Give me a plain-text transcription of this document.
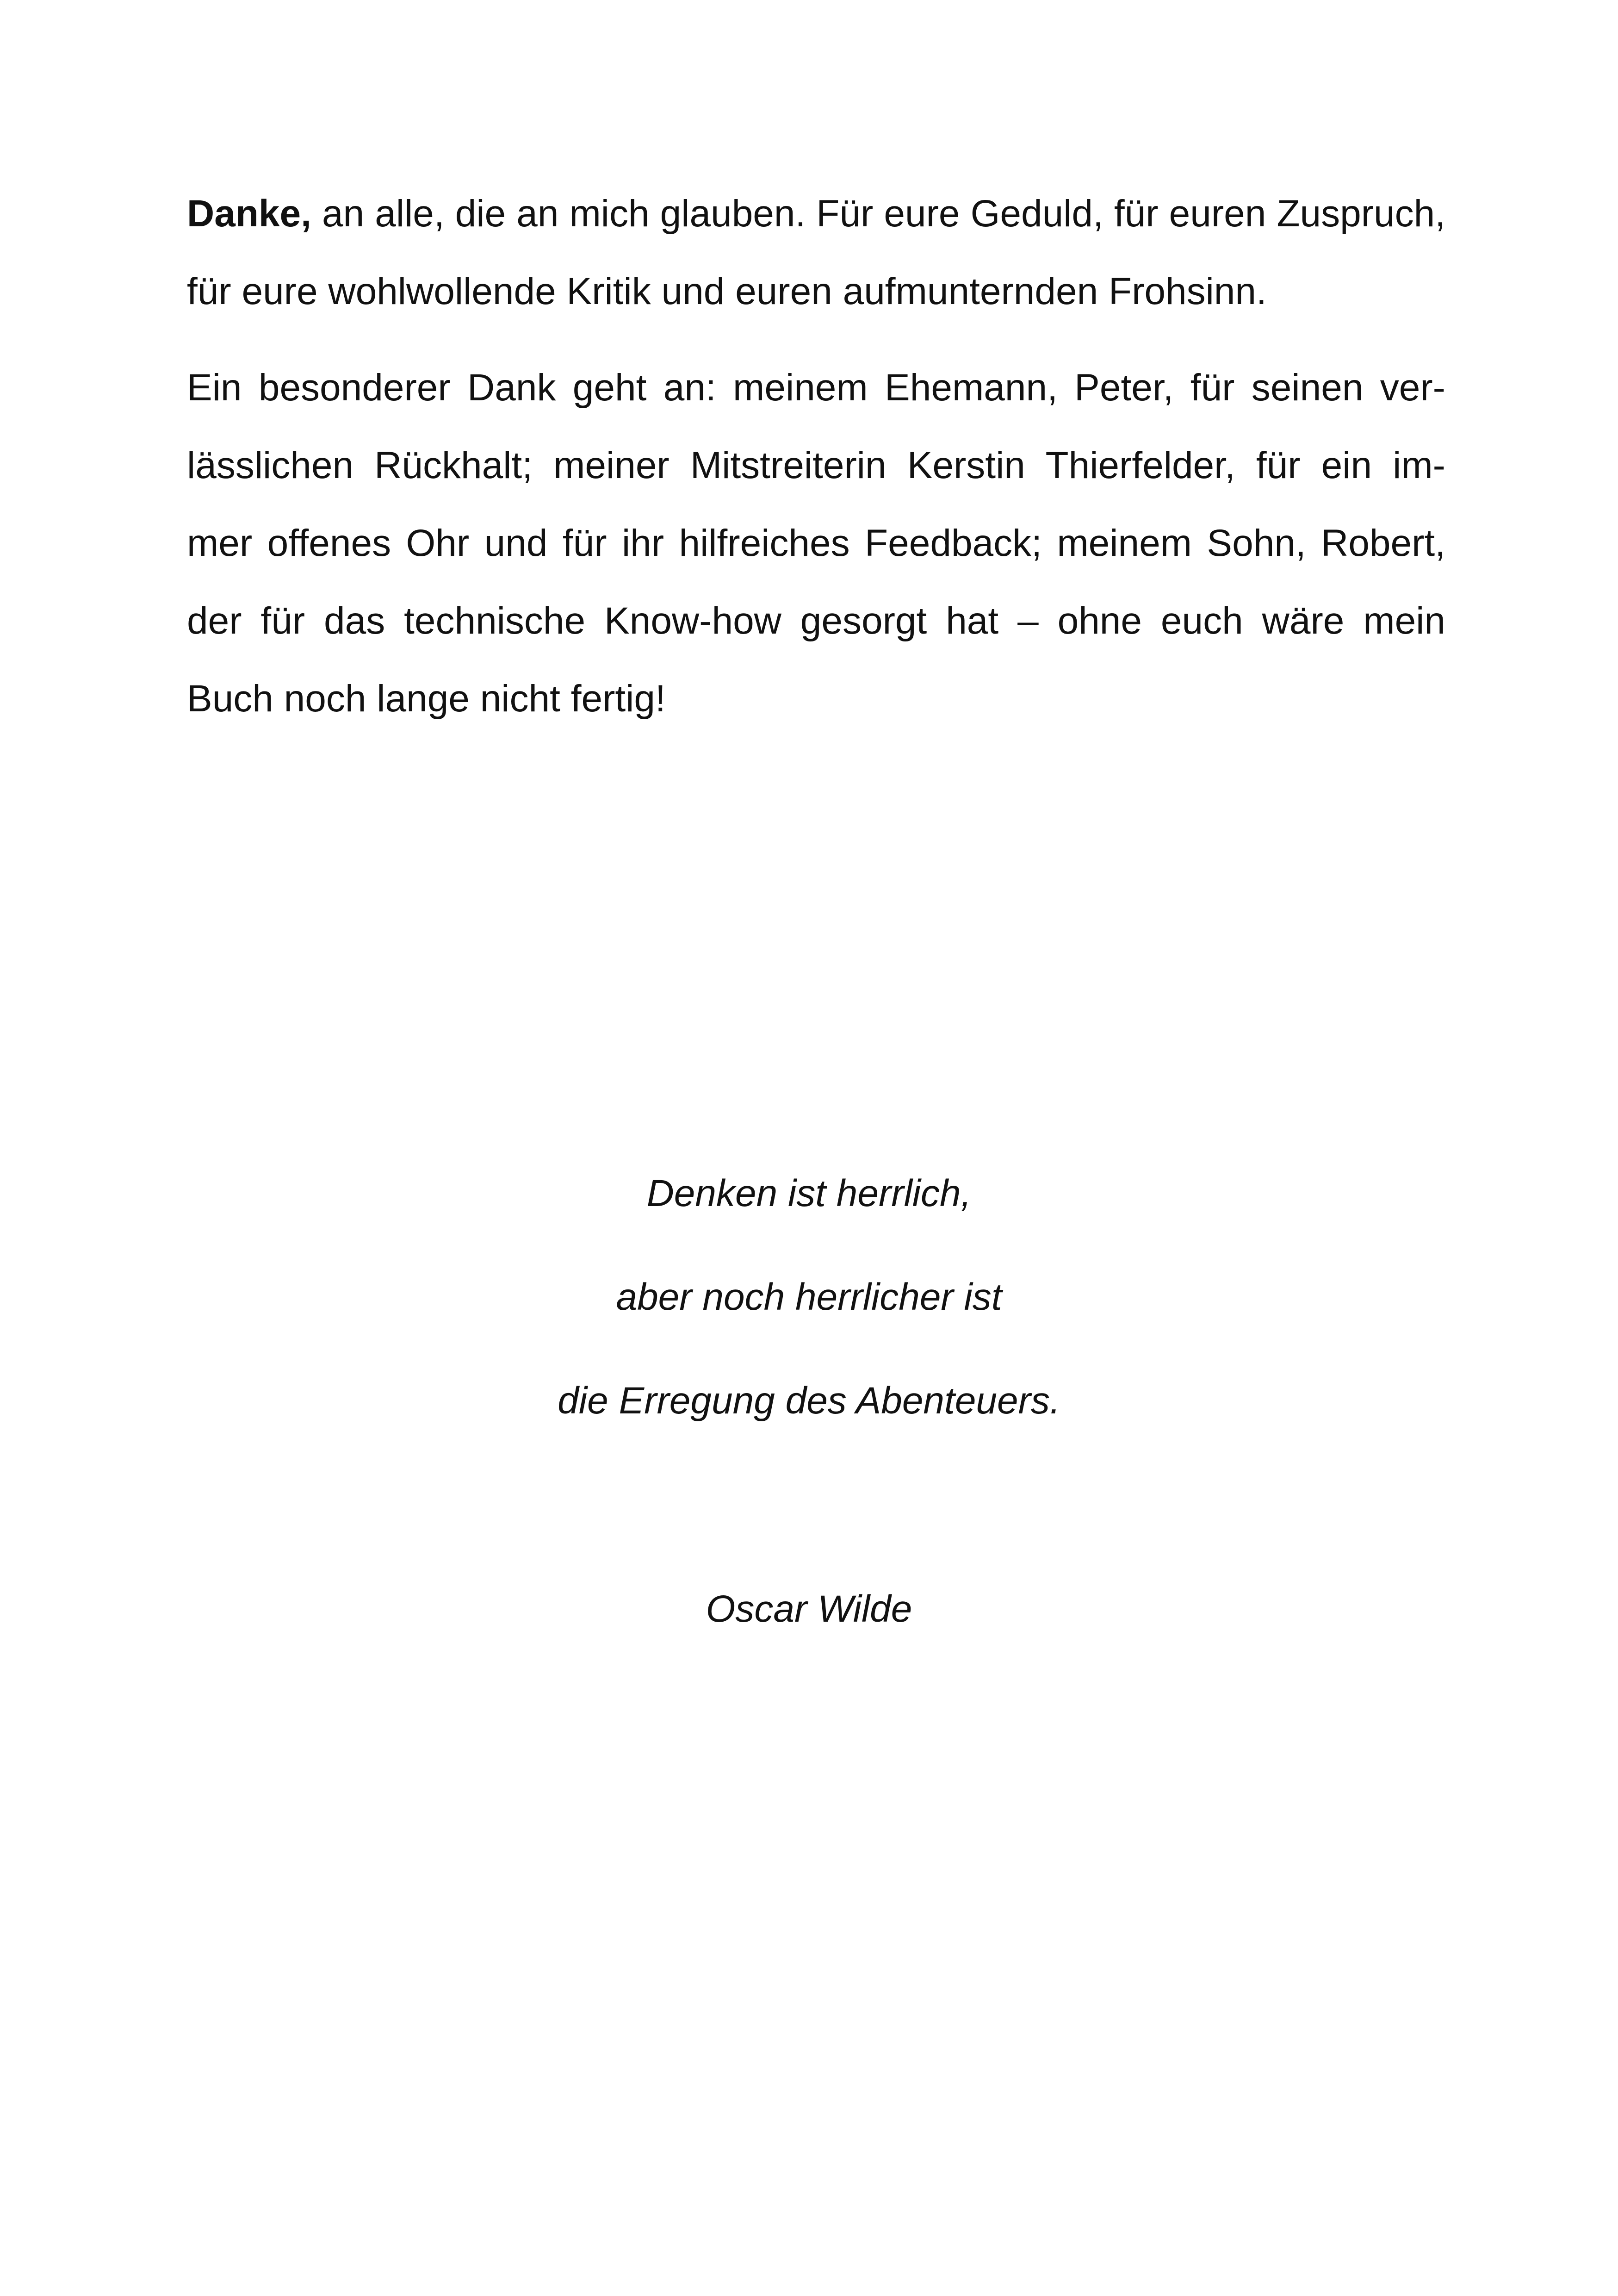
Danke, an alle, die an mich glauben. Für eure Geduld, für euren Zuspruch,
für eure wohlwollende Kritik und euren aufmunternden Frohsinn.
Ein besonderer Dank geht an: meinem Ehemann, Peter, für seinen ver-
lässlichen Rückhalt; meiner Mitstreiterin Kerstin Thierfelder, für ein im-
mer offenes Ohr und für ihr hilfreiches Feedback; meinem Sohn, Robert,
der für das technische Know-how gesorgt hat – ohne euch wäre mein
Buch noch lange nicht fertig!
Denken ist herrlich,
aber noch herrlicher ist
die Erregung des Abenteuers.
Oscar Wilde
